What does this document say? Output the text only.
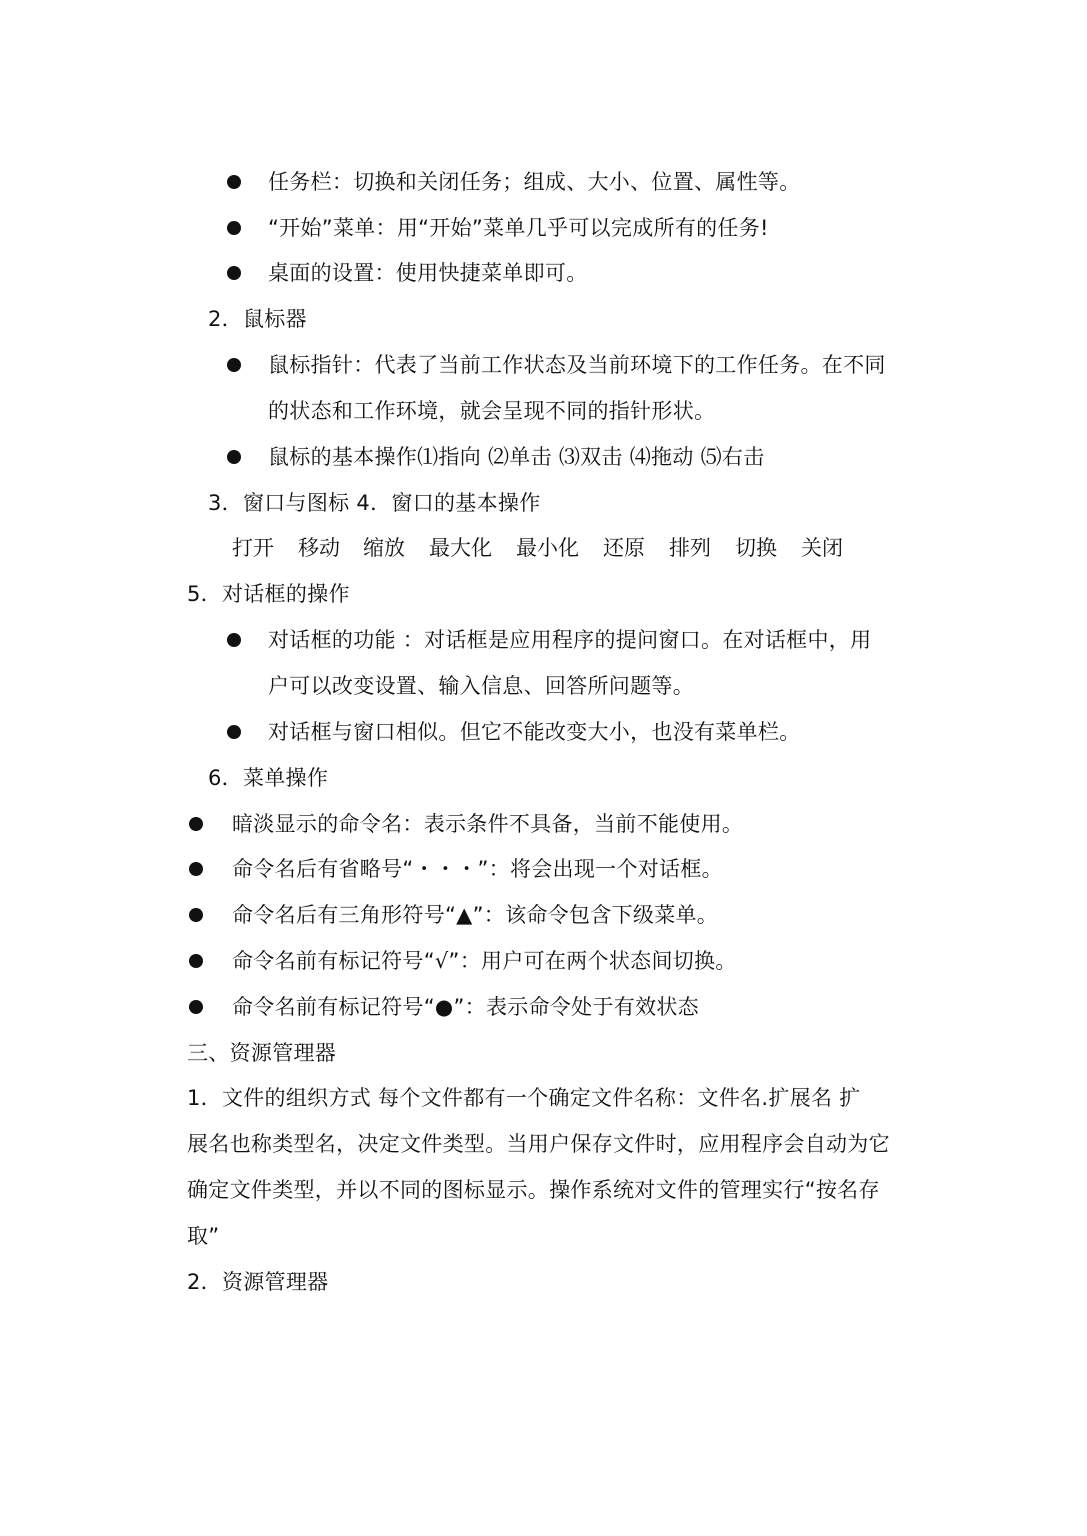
任务栏：切换和关闭任务；组成、大小、位置、属性等。
“开始”菜单：用“开始”菜单几乎可以完成所有的任务!
桌面的设置：使用快捷菜单即可。
2．鼠标器
鼠标指针：代表了当前工作状态及当前环境下的工作任务。在不同
的状态和工作环境，就会呈现不同的指针形状。
鼠标的基本操作⑴指向 ⑵单击 ⑶双击 ⑷拖动 ⑸右击
3．窗口与图标 4．窗口的基本操作
打开 移动 缩放 最大化 最小化 还原 排列 切换 关闭
5．对话框的操作
对话框的功能 ：对话框是应用程序的提问窗口。在对话框中，用
户可以改变设置、输入信息、回答所问题等。
对话框与窗口相似。但它不能改变大小，也没有菜单栏。
6．菜单操作
暗淡显示的命令名：表示条件不具备，当前不能使用。
命令名后有省略号“・・・”：将会出现一个对话框。
命令名后有三角形符号“▲”：该命令包含下级菜单。
命令名前有标记符号“√”：用户可在两个状态间切换。
命令名前有标记符号“●”：表示命令处于有效状态
三、资源管理器
1．文件的组织方式 每个文件都有一个确定文件名称：文件名.扩展名 扩
展名也称类型名，决定文件类型。当用户保存文件时，应用程序会自动为它
确定文件类型，并以不同的图标显示。操作系统对文件的管理实行“按名存
取”
2．资源管理器
